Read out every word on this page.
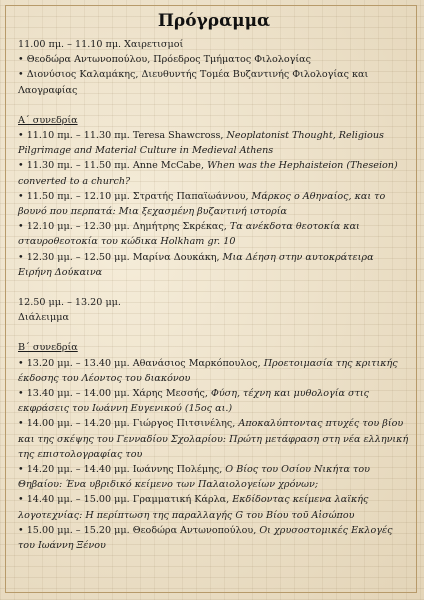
Πρόγραμμα

11.00 πμ. – 11.10 πμ. Χαιρετισμοί

• Θεοδώρα Αντωνοπούλου, Πρόεδρος Τμήματος Φιλολογίας

• Διονύσιος Καλαμάκης, Διευθυντής Τομέα Βυζαντινής Φιλολογίας και Λαογραφίας

Α΄ συνεδρία

• 11.10 πμ. – 11.30 πμ. Teresa Shawcross, Neoplatonist Thought, Religious Pilgrimage and Material Culture in Medieval Athens

• 11.30 πμ. – 11.50 πμ. Anne McCabe, When was the Hephaisteion (Theseion) converted to a church?

• 11.50 πμ. – 12.10 μμ. Στρατής Παπαϊωάννου, Μάρκος ο Αθηναίος, και το βουνό που περπατά: Μια ξεχασμένη βυζαντινή ιστορία

• 12.10 μμ. – 12.30 μμ. Δημήτρης Σκρέκας, Τα ανέκδοτα θεοτοκία και σταυροθεοτοκία του κώδικα Holkham gr. 10

• 12.30 μμ. – 12.50 μμ. Μαρίνα Δουκάκη, Μια Δέηση στην αυτοκράτειρα Ειρήνη Δούκαινα

12.50 μμ. – 13.20 μμ.

Διάλειμμα

Β΄ συνεδρία

• 13.20 μμ. – 13.40 μμ. Αθανάσιος Μαρκόπουλος, Προετοιμασία της κριτικής έκδοσης του Λέοντος του διακόνου

• 13.40 μμ. – 14.00 μμ. Χάρης Μεσσής, Φύση, τέχνη και μυθολογία στις εκφράσεις του Ιωάννη Ευγενικού (15ος αι.)

• 14.00 μμ. – 14.20 μμ. Γιώργος Πιτσινέλης, Αποκαλύπτοντας πτυχές του βίου και της σκέψης του Γενναδίου Σχολαρίου: Πρώτη μετάφραση στη νέα ελληνική της επιστολογραφίας του

• 14.20 μμ. – 14.40 μμ. Ιωάννης Πολέμης, Ο Βίος του Οσίου Νικήτα του Θηβαίου: Ένα υβριδικό κείμενο των Παλαιολογείων χρόνων;

• 14.40 μμ. – 15.00 μμ. Γραμματική Κάρλα, Εκδίδοντας κείμενα λαϊκής λογοτεχνίας: Η περίπτωση της παραλλαγής G του Βίου τοῦ Αἰσώπου

• 15.00 μμ. – 15.20 μμ. Θεοδώρα Αντωνοπούλου, Οι χρυσοστομικές Εκλογές του Ιωάννη Ξένου
